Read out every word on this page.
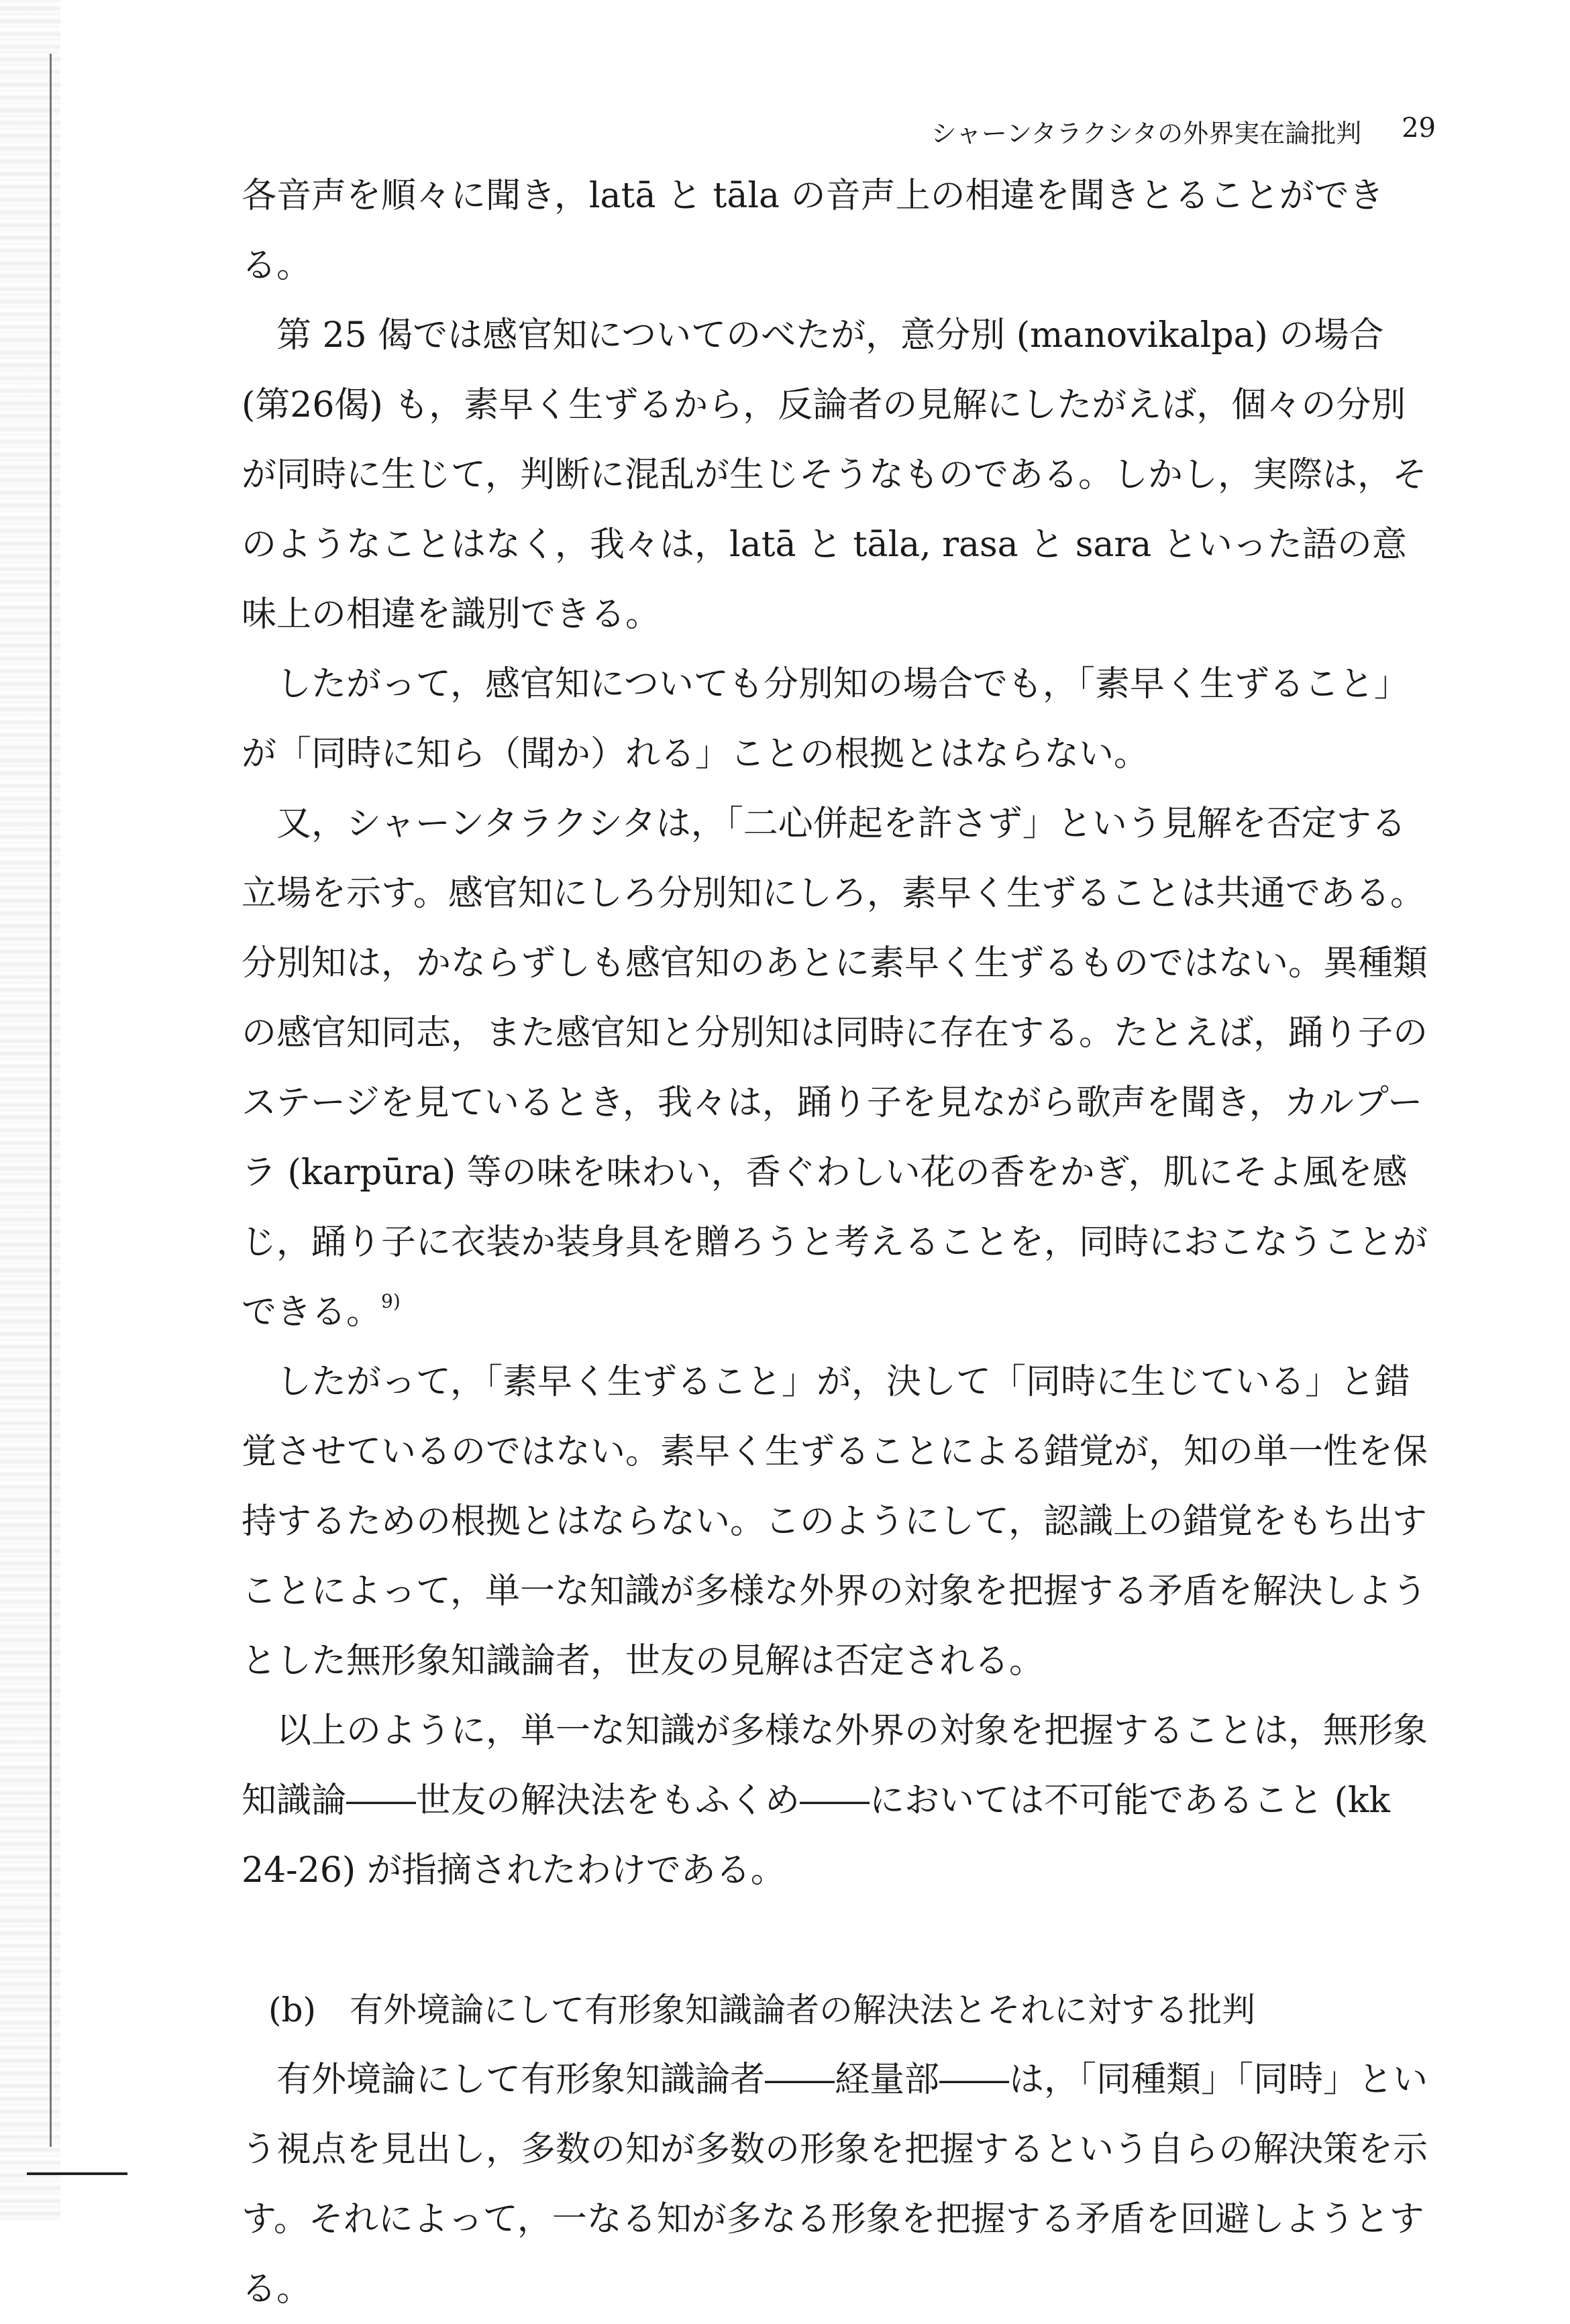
シャーンタラクシタの外界実在論批判 29

各音声を順々に聞き，latā と tāla の音声上の相違を聞きとることができる。

第 25 偈では感官知についてのべたが，意分別 (manovikalpa) の場合 (第26偈) も，素早く生ずるから，反論者の見解にしたがえば，個々の分別が同時に生じて，判断に混乱が生じそうなものである。しかし，実際は，そのようなことはなく，我々は，latā と tāla, rasa と sara といった語の意味上の相違を識別できる。

したがって，感官知についても分別知の場合でも，「素早く生ずること」が「同時に知ら（聞か）れる」ことの根拠とはならない。

又，シャーンタラクシタは，「二心併起を許さず」という見解を否定する立場を示す。感官知にしろ分別知にしろ，素早く生ずることは共通である。分別知は，かならずしも感官知のあとに素早く生ずるものではない。異種類の感官知同志，また感官知と分別知は同時に存在する。たとえば，踊り子のステージを見ているとき，我々は，踊り子を見ながら歌声を聞き，カルプーラ (karpūra) 等の味を味わい，香ぐわしい花の香をかぎ，肌にそよ風を感じ，踊り子に衣装か装身具を贈ろうと考えることを，同時におこなうことができる。$^{9)}$

したがって，「素早く生ずること」が，決して「同時に生じている」と錯覚させているのではない。素早く生ずることによる錯覚が，知の単一性を保持するための根拠とはならない。このようにして，認識上の錯覚をもち出すことによって，単一な知識が多様な外界の対象を把握する矛盾を解決しようとした無形象知識論者，世友の見解は否定される。

以上のように，単一な知識が多様な外界の対象を把握することは，無形象知識論――世友の解決法をもふくめ――においては不可能であること (kk 24-26) が指摘されたわけである。

(b)　有外境論にして有形象知識論者の解決法とそれに対する批判

有外境論にして有形象知識論者――経量部――は，「同種類」「同時」という視点を見出し，多数の知が多数の形象を把握するという自らの解決策を示す。それによって，一なる知が多なる形象を把握する矛盾を回避しようとする。
